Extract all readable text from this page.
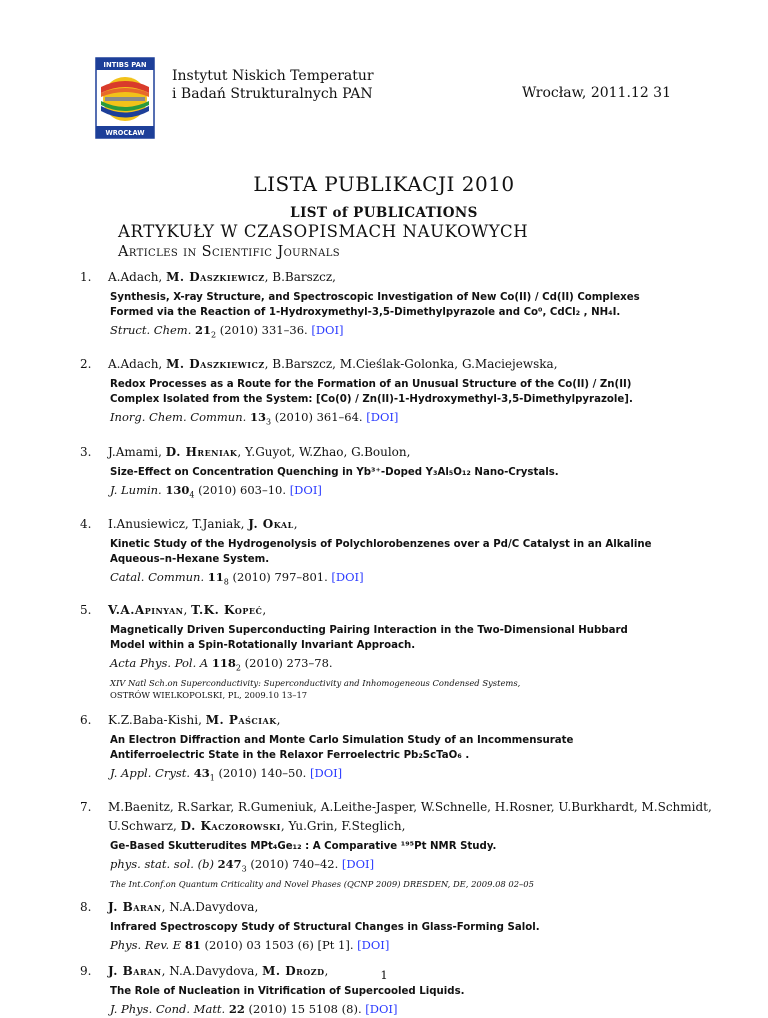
INTIBS PAN
WROCŁAW
Instytut Niskich Temperatur
i Badań Strukturalnych PAN	Wrocław, 2011.12 31
LISTA PUBLIKACJI 2010
LIST of PUBLICATIONS
ARTYKUŁY W CZASOPISMACH NAUKOWYCH
Articles in Scientific Journals
1. A.Adach, M. Daszkiewicz, B.Barszcz,
Synthesis, X-ray Structure, and Spectroscopic Investigation of New Co(II) / Cd(II) Complexes
Formed via the Reaction of 1-Hydroxymethyl-3,5-Dimethylpyrazole and Co⁰, CdCl₂ , NH₄I.
Struct. Chem. $21_2$ (2010) 331–36. [DOI]
2. A.Adach, M. Daszkiewicz, B.Barszcz, M.Cieślak-Golonka, G.Maciejewska,
Redox Processes as a Route for the Formation of an Unusual Structure of the Co(II) / Zn(II)
Complex Isolated from the System: [Co(0) / Zn(II)-1-Hydroxymethyl-3,5-Dimethylpyrazole].
Inorg. Chem. Commun. $13_3$ (2010) 361–64. [DOI]
3. J.Amami, D. Hreniak, Y.Guyot, W.Zhao, G.Boulon,
Size-Effect on Concentration Quenching in Yb³⁺-Doped Y₃Al₅O₁₂ Nano-Crystals.
J. Lumin. $130_4$ (2010) 603–10. [DOI]
4. I.Anusiewicz, T.Janiak, J. Okal,
Kinetic Study of the Hydrogenolysis of Polychlorobenzenes over a Pd/C Catalyst in an Alkaline
Aqueous–n-Hexane System.
Catal. Commun. $11_8$ (2010) 797–801. [DOI]
5. V.A.Apinyan, T.K. Kopeć,
Magnetically Driven Superconducting Pairing Interaction in the Two-Dimensional Hubbard
Model within a Spin-Rotationally Invariant Approach.
Acta Phys. Pol. A $118_2$ (2010) 273–78.
XIV Natl Sch.on Superconductivity: Superconductivity and Inhomogeneous Condensed Systems,
OSTRÓW WIELKOPOLSKI, PL, 2009.10 13–17
6. K.Z.Baba-Kishi, M. Paściak,
An Electron Diffraction and Monte Carlo Simulation Study of an Incommensurate
Antiferroelectric State in the Relaxor Ferroelectric Pb₂ScTaO₆ .
J. Appl. Cryst. $43_1$ (2010) 140–50. [DOI]
7. M.Baenitz, R.Sarkar, R.Gumeniuk, A.Leithe-Jasper, W.Schnelle, H.Rosner, U.Burkhardt, M.Schmidt,
U.Schwarz, D. Kaczorowski, Yu.Grin, F.Steglich,
Ge-Based Skutterudites MPt₄Ge₁₂ : A Comparative ¹⁹⁵Pt NMR Study.
phys. stat. sol. (b) $247_3$ (2010) 740–42. [DOI]
The Int.Conf.on Quantum Criticality and Novel Phases (QCNP 2009) DRESDEN, DE, 2009.08 02–05
8. J. Baran, N.A.Davydova,
Infrared Spectroscopy Study of Structural Changes in Glass-Forming Salol.
Phys. Rev. E 81 (2010) 03 1503 (6) [Pt 1]. [DOI]
9. J. Baran, N.A.Davydova, M. Drozd,
The Role of Nucleation in Vitrification of Supercooled Liquids.
J. Phys. Cond. Matt. 22 (2010) 15 5108 (8). [DOI]
1
